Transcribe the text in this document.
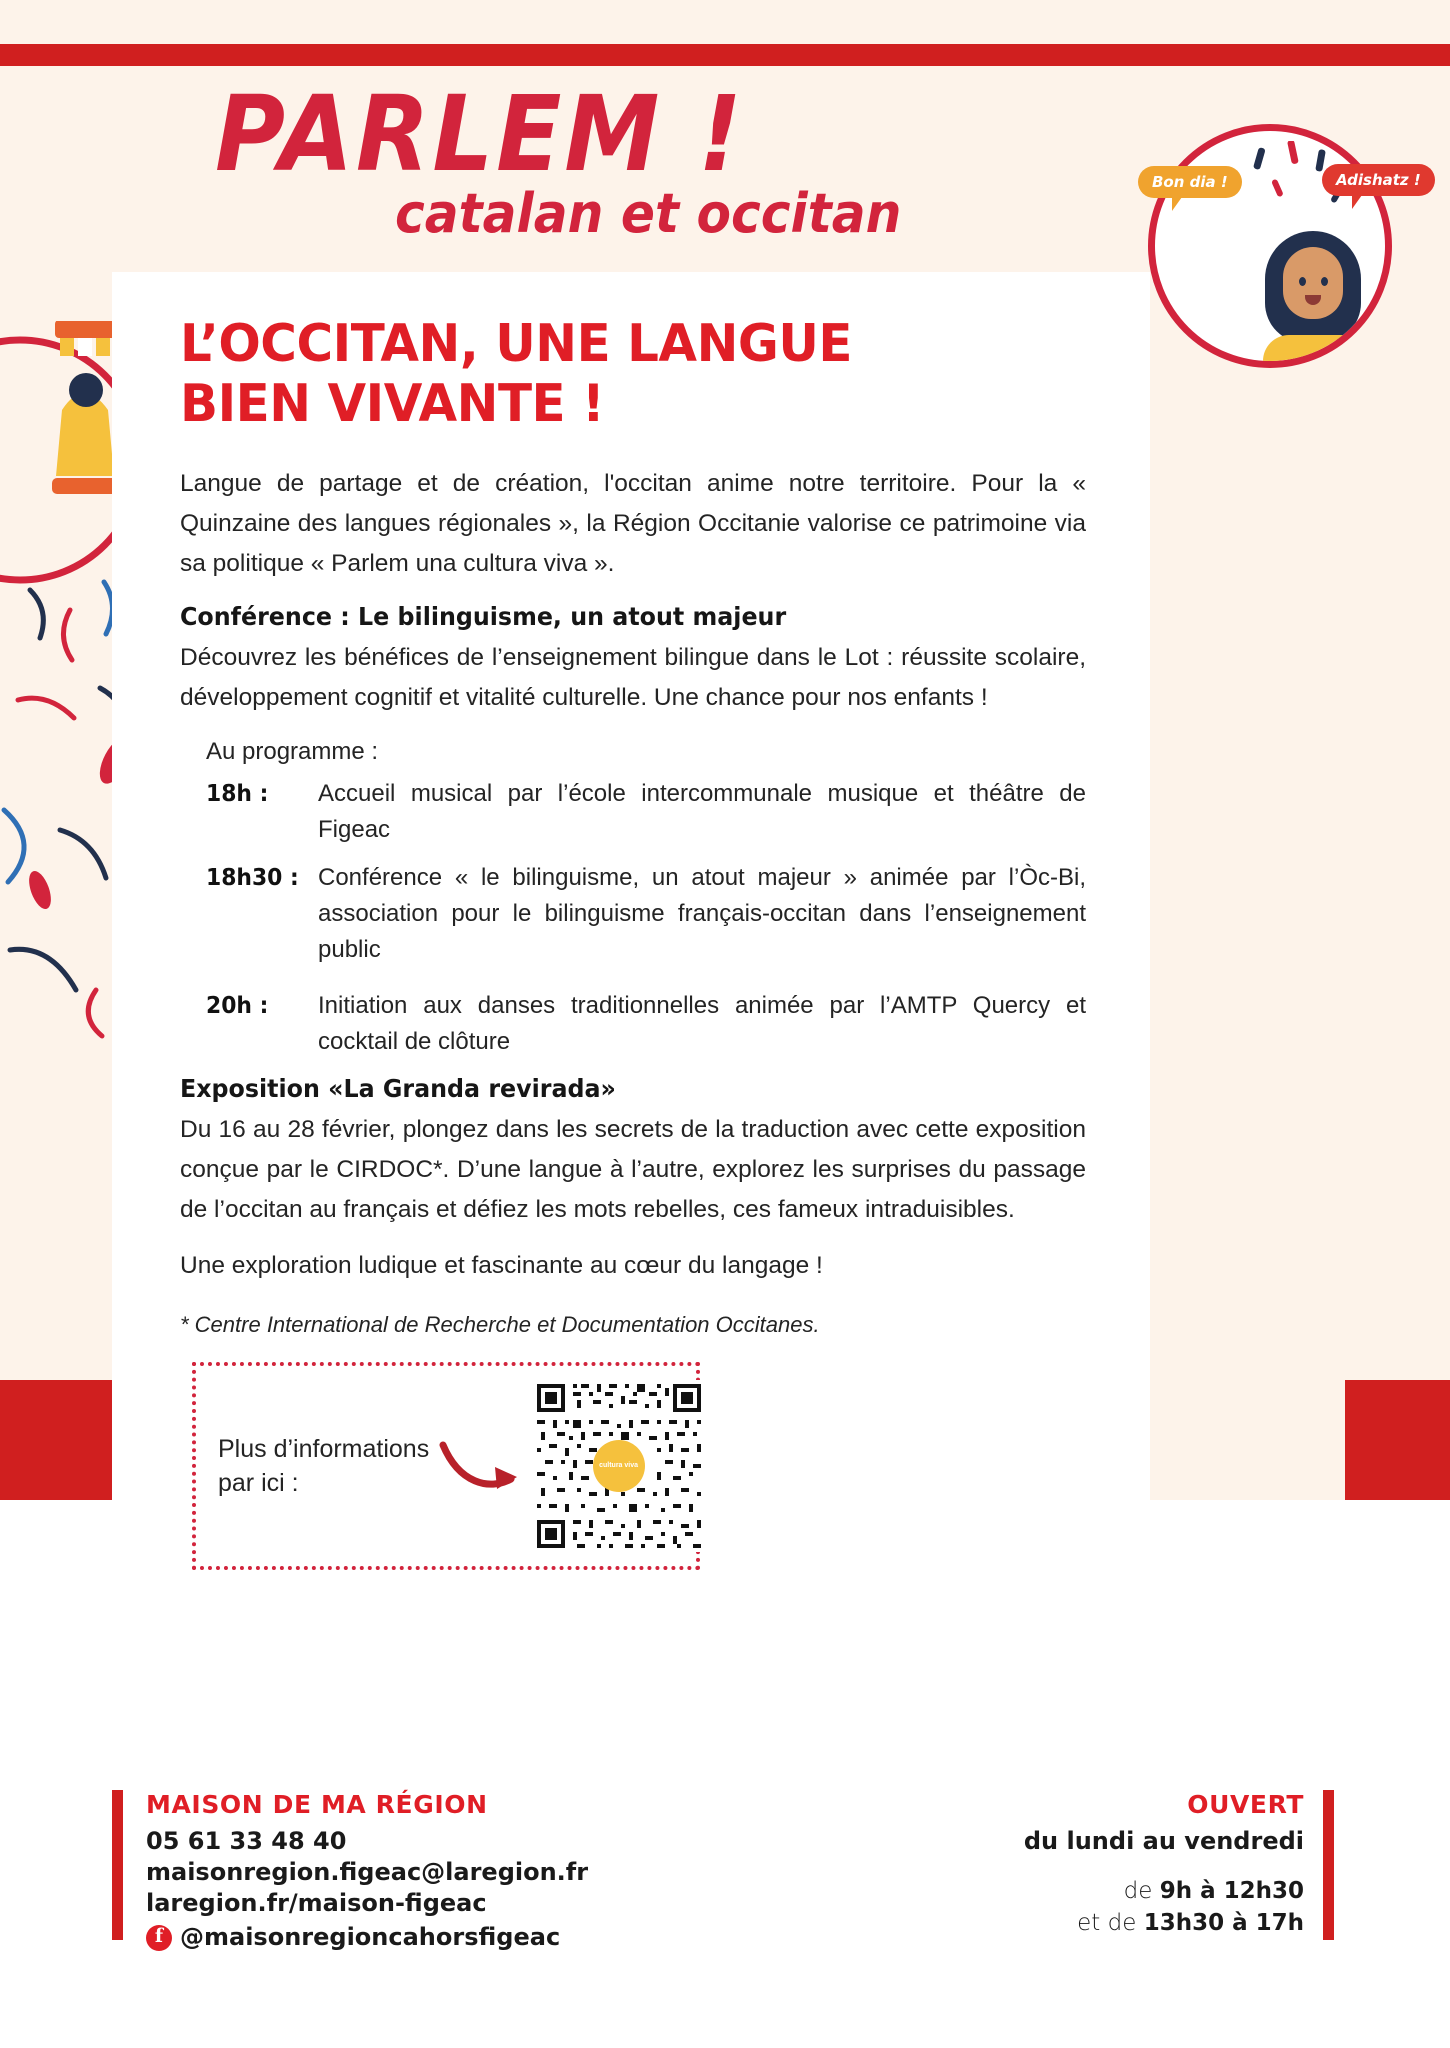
PARLEM !
catalan et occitan	Bon dia !	Adishatz !
L’OCCITAN, UNE LANGUE
BIEN VIVANTE !

Langue de partage et de création, l'occitan anime notre territoire. Pour la « Quinzaine des langues régionales », la Région Occitanie valorise ce patrimoine via sa politique « Parlem una cultura viva ».

Conférence : Le bilinguisme, un atout majeur

Découvrez les bénéfices de l’enseignement bilingue dans le Lot : réussite scolaire, développement cognitif et vitalité culturelle. Une chance pour nos enfants !

Au programme :
18h :	Accueil musical par l’école intercommunale musique et théâtre de Figeac
18h30 : Conférence « le bilinguisme, un atout majeur » animée par l’Òc-Bi, association pour le bilinguisme français-occitan dans l’enseignement public
20h :	Initiation aux danses traditionnelles animée par l’AMTP Quercy et cocktail de clôture
Exposition «La Granda revirada»

Du 16 au 28 février, plongez dans les secrets de la traduction avec cette exposition conçue par le CIRDOC*. D’une langue à l’autre, explorez les surprises du passage de l’occitan au français et défiez les mots rebelles, ces fameux intraduisibles.

Une exploration ludique et fascinante au cœur du langage !

* Centre International de Recherche et Documentation Occitanes.

Plus d’informations
par ici :
cultura viva
MAISON DE MA RÉGION
05 61 33 48 40
maisonregion.figeac@laregion.fr
laregion.fr/maison-figeac
f @maisonregioncahorsfigeac
OUVERT
du lundi au vendredi
de 9h à 12h30
et de 13h30 à 17h
